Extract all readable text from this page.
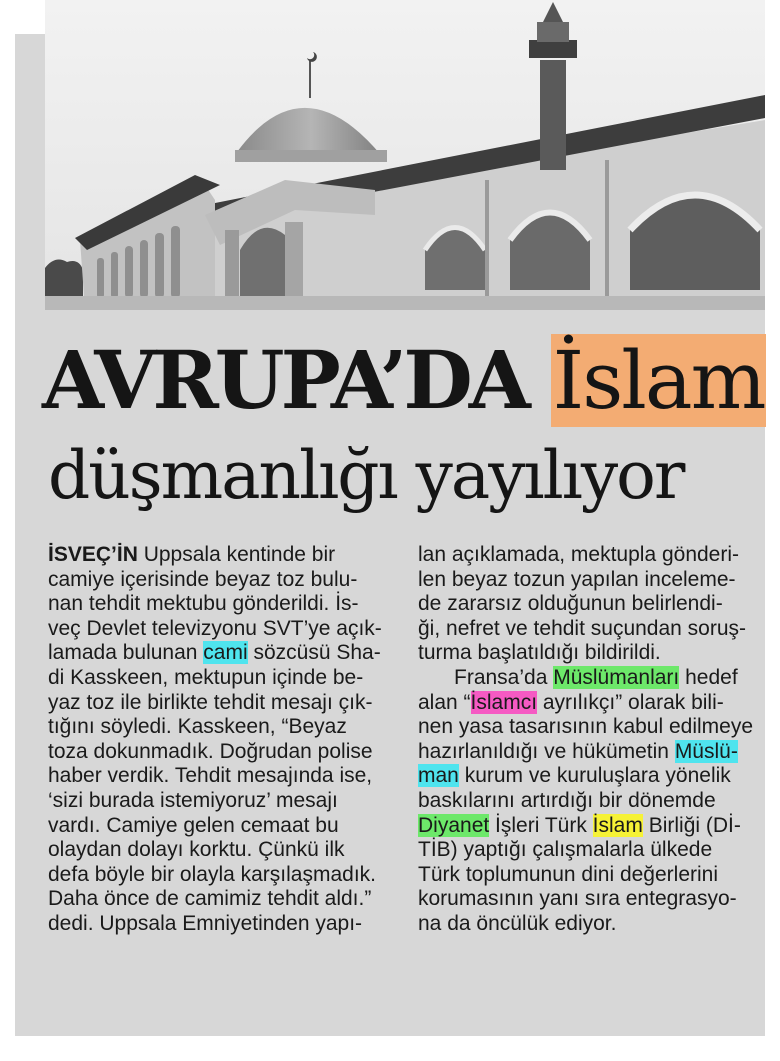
AVRUPA’DA İslam
düşmanlığı yayılıyor
İSVEÇ’İN Uppsala kentinde bir
camiye içerisinde beyaz toz bulu-
nan tehdit mektubu gönderildi. İs-
veç Devlet televizyonu SVT’ye açık-
lamada bulunan cami sözcüsü Sha-
di Kasskeen, mektupun içinde be-
yaz toz ile birlikte tehdit mesajı çık-
tığını söyledi. Kasskeen, “Beyaz
toza dokunmadık. Doğrudan polise
haber verdik. Tehdit mesajında ise,
‘sizi burada istemiyoruz’ mesajı
vardı. Camiye gelen cemaat bu
olaydan dolayı korktu. Çünkü ilk
defa böyle bir olayla karşılaşmadık.
Daha önce de camimiz tehdit aldı.”
dedi. Uppsala Emniyetinden yapı-
lan açıklamada, mektupla gönderi-
len beyaz tozun yapılan inceleme-
de zararsız olduğunun belirlendi-
ği, nefret ve tehdit suçundan soruş-
turma başlatıldığı bildirildi.
Fransa’da Müslümanları hedef
alan “İslamcı ayrılıkçı” olarak bili-
nen yasa tasarısının kabul edilmeye
hazırlanıldığı ve hükümetin Müslü-
man kurum ve kuruluşlara yönelik
baskılarını artırdığı bir dönemde
Diyanet İşleri Türk İslam Birliği (Dİ-
TİB) yaptığı çalışmalarla ülkede
Türk toplumunun dini değerlerini
korumasının yanı sıra entegrasyo-
na da öncülük ediyor.
